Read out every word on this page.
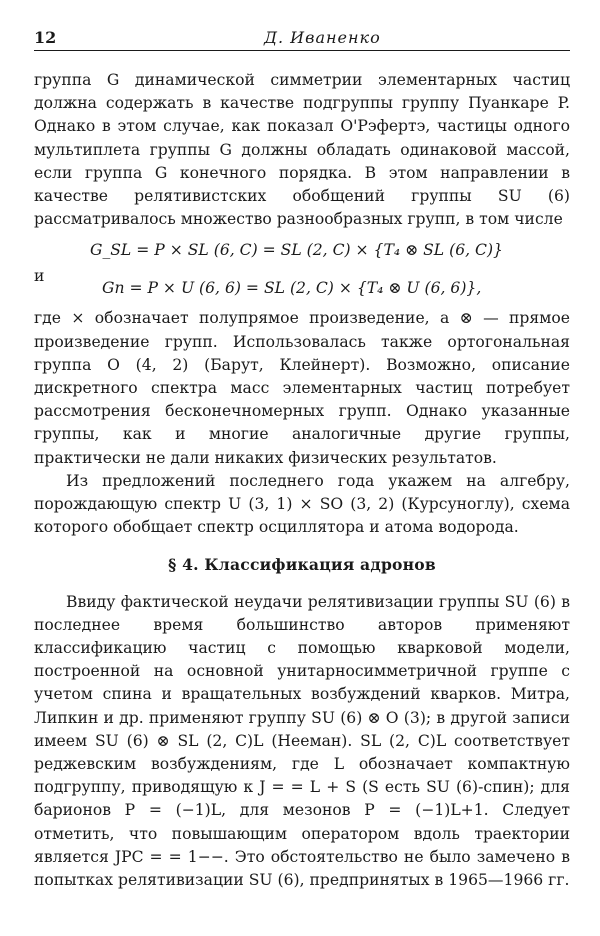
12	Д. Иваненко

группа G динамической симметрии элементарных частиц должна содержать в качестве подгруппы группу Пуанкаре P. Однако в этом случае, как показал О'Рэфертэ, частицы одного мультиплета группы G должны обладать одинаковой массой, если группа G конечного порядка. В этом направлении в качестве релятивистских обобщений группы SU (6) рассматривалось множество разнообразных групп, в том числе

G_SL = P × SL (6, C) = SL (2, C) × {T₄ ⊗ SL (6, C)}
и
Gn = P × U (6, 6) = SL (2, C) × {T₄ ⊗ U (6, 6)},

где × обозначает полупрямое произведение, а ⊗ — прямое произведение групп. Использовалась также ортогональная группа O (4, 2) (Барут, Клейнерт). Возможно, описание дискретного спектра масс элементарных частиц потребует рассмотрения бесконечномерных групп. Однако указанные группы, как и многие аналогичные другие группы, практически не дали никаких физических результатов.

Из предложений последнего года укажем на алгебру, порождающую спектр U (3, 1) × SO (3, 2) (Курсуноглу), схема которого обобщает спектр осциллятора и атома водорода.

§ 4. Классификация адронов

Ввиду фактической неудачи релятивизации группы SU (6) в последнее время большинство авторов применяют классификацию частиц с помощью кварковой модели, построенной на основной унитарносимметричной группе с учетом спина и вращательных возбуждений кварков. Митра, Липкин и др. применяют группу SU (6) ⊗ O (3); в другой записи имеем SU (6) ⊗ SL (2, C)L (Нееман). SL (2, C)L соответствует реджевским возбуждениям, где L обозначает компактную подгруппу, приводящую к J = = L + S (S есть SU (6)-спин); для барионов P = (−1)L, для мезонов P = (−1)L+1. Следует отметить, что повышающим оператором вдоль траектории является JPC = = 1−−. Это обстоятельство не было замечено в попытках релятивизации SU (6), предпринятых в 1965—1966 гг.
